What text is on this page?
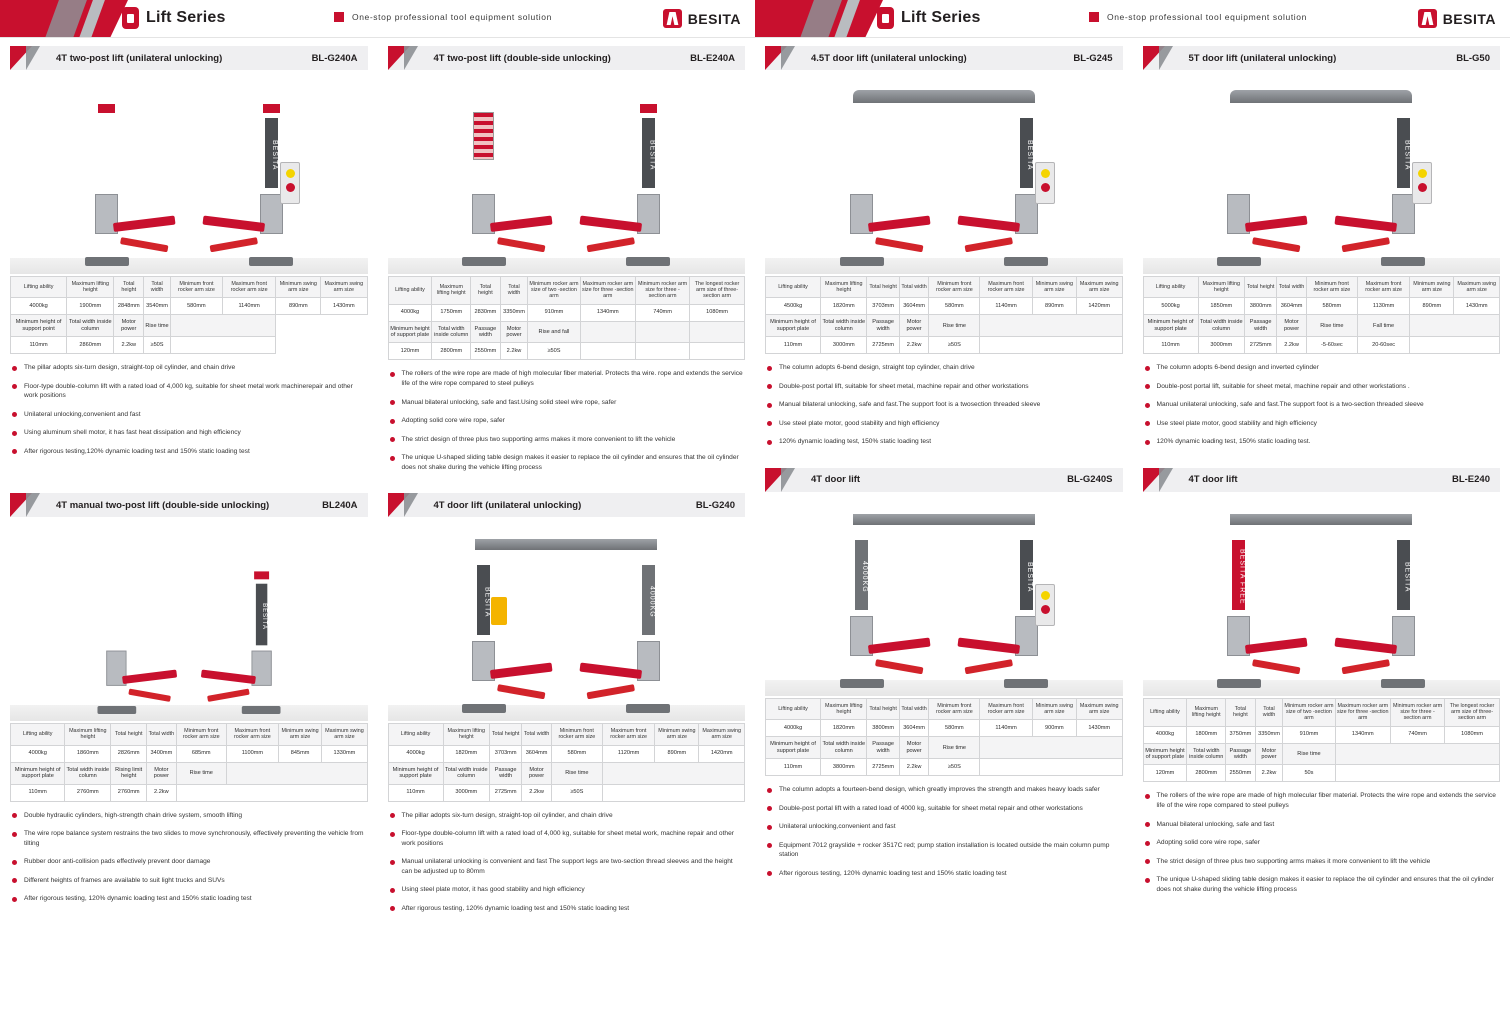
Lift Series	One-stop professional tool equipment solution	BESITA
4T two-post lift (unilateral unlocking)	BL-G240A
BESITA
Lifting ability	Maximum lifting height	Total height	Total width	Minimum front rocker arm size	Maximum front rocker arm size	Minimum swing arm size	Maximum swing arm size
4000kg	1900mm	2848mm	3540mm	580mm	1140mm	890mm	1430mm
Minimum height of support point	Total width inside column	Motor power	Rise time				
110mm	2860mm	2.2kw	≥50S				
The pillar adopts six-turn design, straight-top oil cylinder, and chain drive
Floor-type double-column lift with a rated load of 4,000 kg, suitable for sheet metal work machinerepair and other work positions
Unilateral unlocking,convenient and fast
Using aluminum shell motor, it has fast heat dissipation and high efficiency
After rigorous testing,120% dynamic loading test and 150% static loading test
4T two-post lift (double-side unlocking)	BL-E240A
BESITA
Lifting ability	Maximum lifting height	Total height	Total width	Minimum rocker arm size of two -section arm	Maximum rocker arm size for three -section arm	Minimum rocker arm size for three -section arm	The longest rocker arm size of three-section arm
4000kg	1750mm	2830mm	3350mm	910mm	1340mm	740mm	1080mm
Minimum height of support plate	Total width inside column	Passage width	Motor power	Rise and fall			
120mm	2800mm	2550mm	2.2kw	≥50S			
The rollers of the wire rope are made of high molecular fiber material. Protects tha wire. rope and extends the service life of the wire rope compared to steel pulleys
Manual bilateral unlocking, safe and fast.Using solid steel wire rope, safer
Adopting solid core wire rope, safer
The strict design of three plus two supporting arms makes it more convenient to lift the vehicle
The unique U-shaped sliding table design makes it easier to replace the oil cylinder and ensures that the oil cylinder does not shake during the vehicle lifting process
4T manual two-post lift (double-side unlocking)	BL240A
BESITA
Lifting ability	Maximum lifting height	Total height	Total width	Minimum front rocker arm size	Maximum front rocker arm size	Minimum swing arm size	Maximum swing arm size
4000kg	1860mm	2826mm	3400mm	685mm	1100mm	845mm	1330mm
Minimum height of support plate	Total width inside column	Rising limit height	Motor power	Rise time			
110mm	2760mm	2760mm	2.2kw				
Double hydraulic cylinders, high-strength chain drive system, smooth lifting
The wire rope balance system restrains the two slides to move synchronously, effectively preventing the vehicle from tilting
Rubber door anti-collision pads effectively prevent door damage
Different heights of frames are available to suit light trucks and SUVs
After rigorous testing, 120% dynamic loading test and 150% static loading test
4T door lift (unilateral unlocking)	BL-G240
BESITA	4000KG
Lifting ability	Maximum lifting height	Total height	Total width	Minimum front rocker arm size	Maximum front rocker arm size	Minimum swing arm size	Maximum swing arm size
4000kg	1820mm	3703mm	3604mm	580mm	1120mm	890mm	1420mm
Minimum height of support plate	Total width inside column	Passage width	Motor power	Rise time			
110mm	3000mm	2725mm	2.2kw	≥50S			
The pillar adopts six-turn design, straight-top oil cylinder, and chain drive
Floor-type double-column lift with a rated load of 4,000 kg, suitable for sheet metal work, machine repair and other work positions
Manual unilateral unlocking is convenient and fast The support legs are two-section thread sleeves and the height can be adjusted up to 80mm
Using steel plate motor, it has good stability and high efficiency
After rigorous testing, 120% dynamic loading test and 150% static loading test
Lift Series	One-stop professional tool equipment solution	BESITA
4.5T door lift (unilateral unlocking)	BL-G245
BESITA
Lifting ability	Maximum lifting height	Total height	Total width	Minimum front rocker arm size	Maximum front rocker arm size	Minimum swing arm size	Maximum swing arm size
4500kg	1820mm	3703mm	3604mm	580mm	1140mm	890mm	1420mm
Minimum height of support plate	Total width inside column	Passage width	Motor power	Rise time			
110mm	3000mm	2725mm	2.2kw	≥50S			
The column adopts 6-bend design, straight top cylinder, chain drive
Double-post portal lift, suitable for sheet metal, machine repair and other workstations
Manual bilateral unlocking, safe and fast.The support foot is a twosection threaded sleeve
Use steel plate motor, good stability and high efficiency
120% dynamic loading test, 150% static loading test
5T door lift (unilateral unlocking)	BL-G50
BESITA
Lifting ability	Maximum lifting height	Total height	Total width	Minimum front rocker arm size	Maximum front rocker arm size	Minimum swing arm size	Maximum swing arm size
5000kg	1850mm	3800mm	3604mm	580mm	1130mm	890mm	1430mm
Minimum height of support plate	Total width inside column	Passage width	Motor power	Rise time	Fall time		
110mm	3000mm	2725mm	2.2kw	-5-60sec	20-60sec		
The column adopts 6-bend design and inverted cylinder
Double-post portal lift, suitable for sheet metal, machine repair and other workstations .
Manual unilateral unlocking, safe and fast.The support foot is a two-section threaded sleeve
Use steel plate motor, good stability and high efficiency
120% dynamic loading test, 150% static loading test.
4T door lift	BL-G240S
4000KG	BESITA
Lifting ability	Maximum lifting height	Total height	Total width	Minimum front rocker arm size	Maximum front rocker arm size	Minimum swing arm size	Maximum swing arm size
4000kg	1820mm	3800mm	3604mm	580mm	1140mm	900mm	1430mm
Minimum height of support plate	Total width inside column	Passage width	Motor power	Rise time			
110mm	3800mm	2725mm	2.2kw	≥50S			
The column adopts a fourteen-bend design, which greatly improves the strength and makes heavy loads safer
Double-post portal lift with a rated load of 4000 kg, suitable for sheet metal repair and other workstations
Unilateral unlocking,convenient and fast
Equipment 7012 grayslide + rocker 3517C red; pump station installation is located outside the main column pump station
After rigorous testing, 120% dynamic loading test and 150% static loading test
4T door lift	BL-E240
BESITA FREE	BESITA
Lifting ability	Maximum lifting height	Total height	Total width	Minimum rocker arm size of two -section arm	Maximum rocker arm size for three -section arm	Minimum rocker arm size for three -section arm	The longest rocker arm size of three-section arm
4000kg	1800mm	3750mm	3350mm	910mm	1340mm	740mm	1080mm
Minimum height of support plate	Total width inside column	Passage width	Motor power	Rise time			
120mm	2800mm	2550mm	2.2kw	50s			
The rollers of the wire rope are made of high molecular fiber material. Protects the wire rope and extends the service life of the wire rope compared to steel pulleys
Manual bilateral unlocking, safe and fast
Adopting solid core wire rope, safer
The strict design of three plus two supporting arms makes it more convenient to lift the vehicle
The unique U-shaped sliding table design makes it easier to replace the oil cylinder and ensures that the oil cylinder does not shake during the vehicle lifting process
